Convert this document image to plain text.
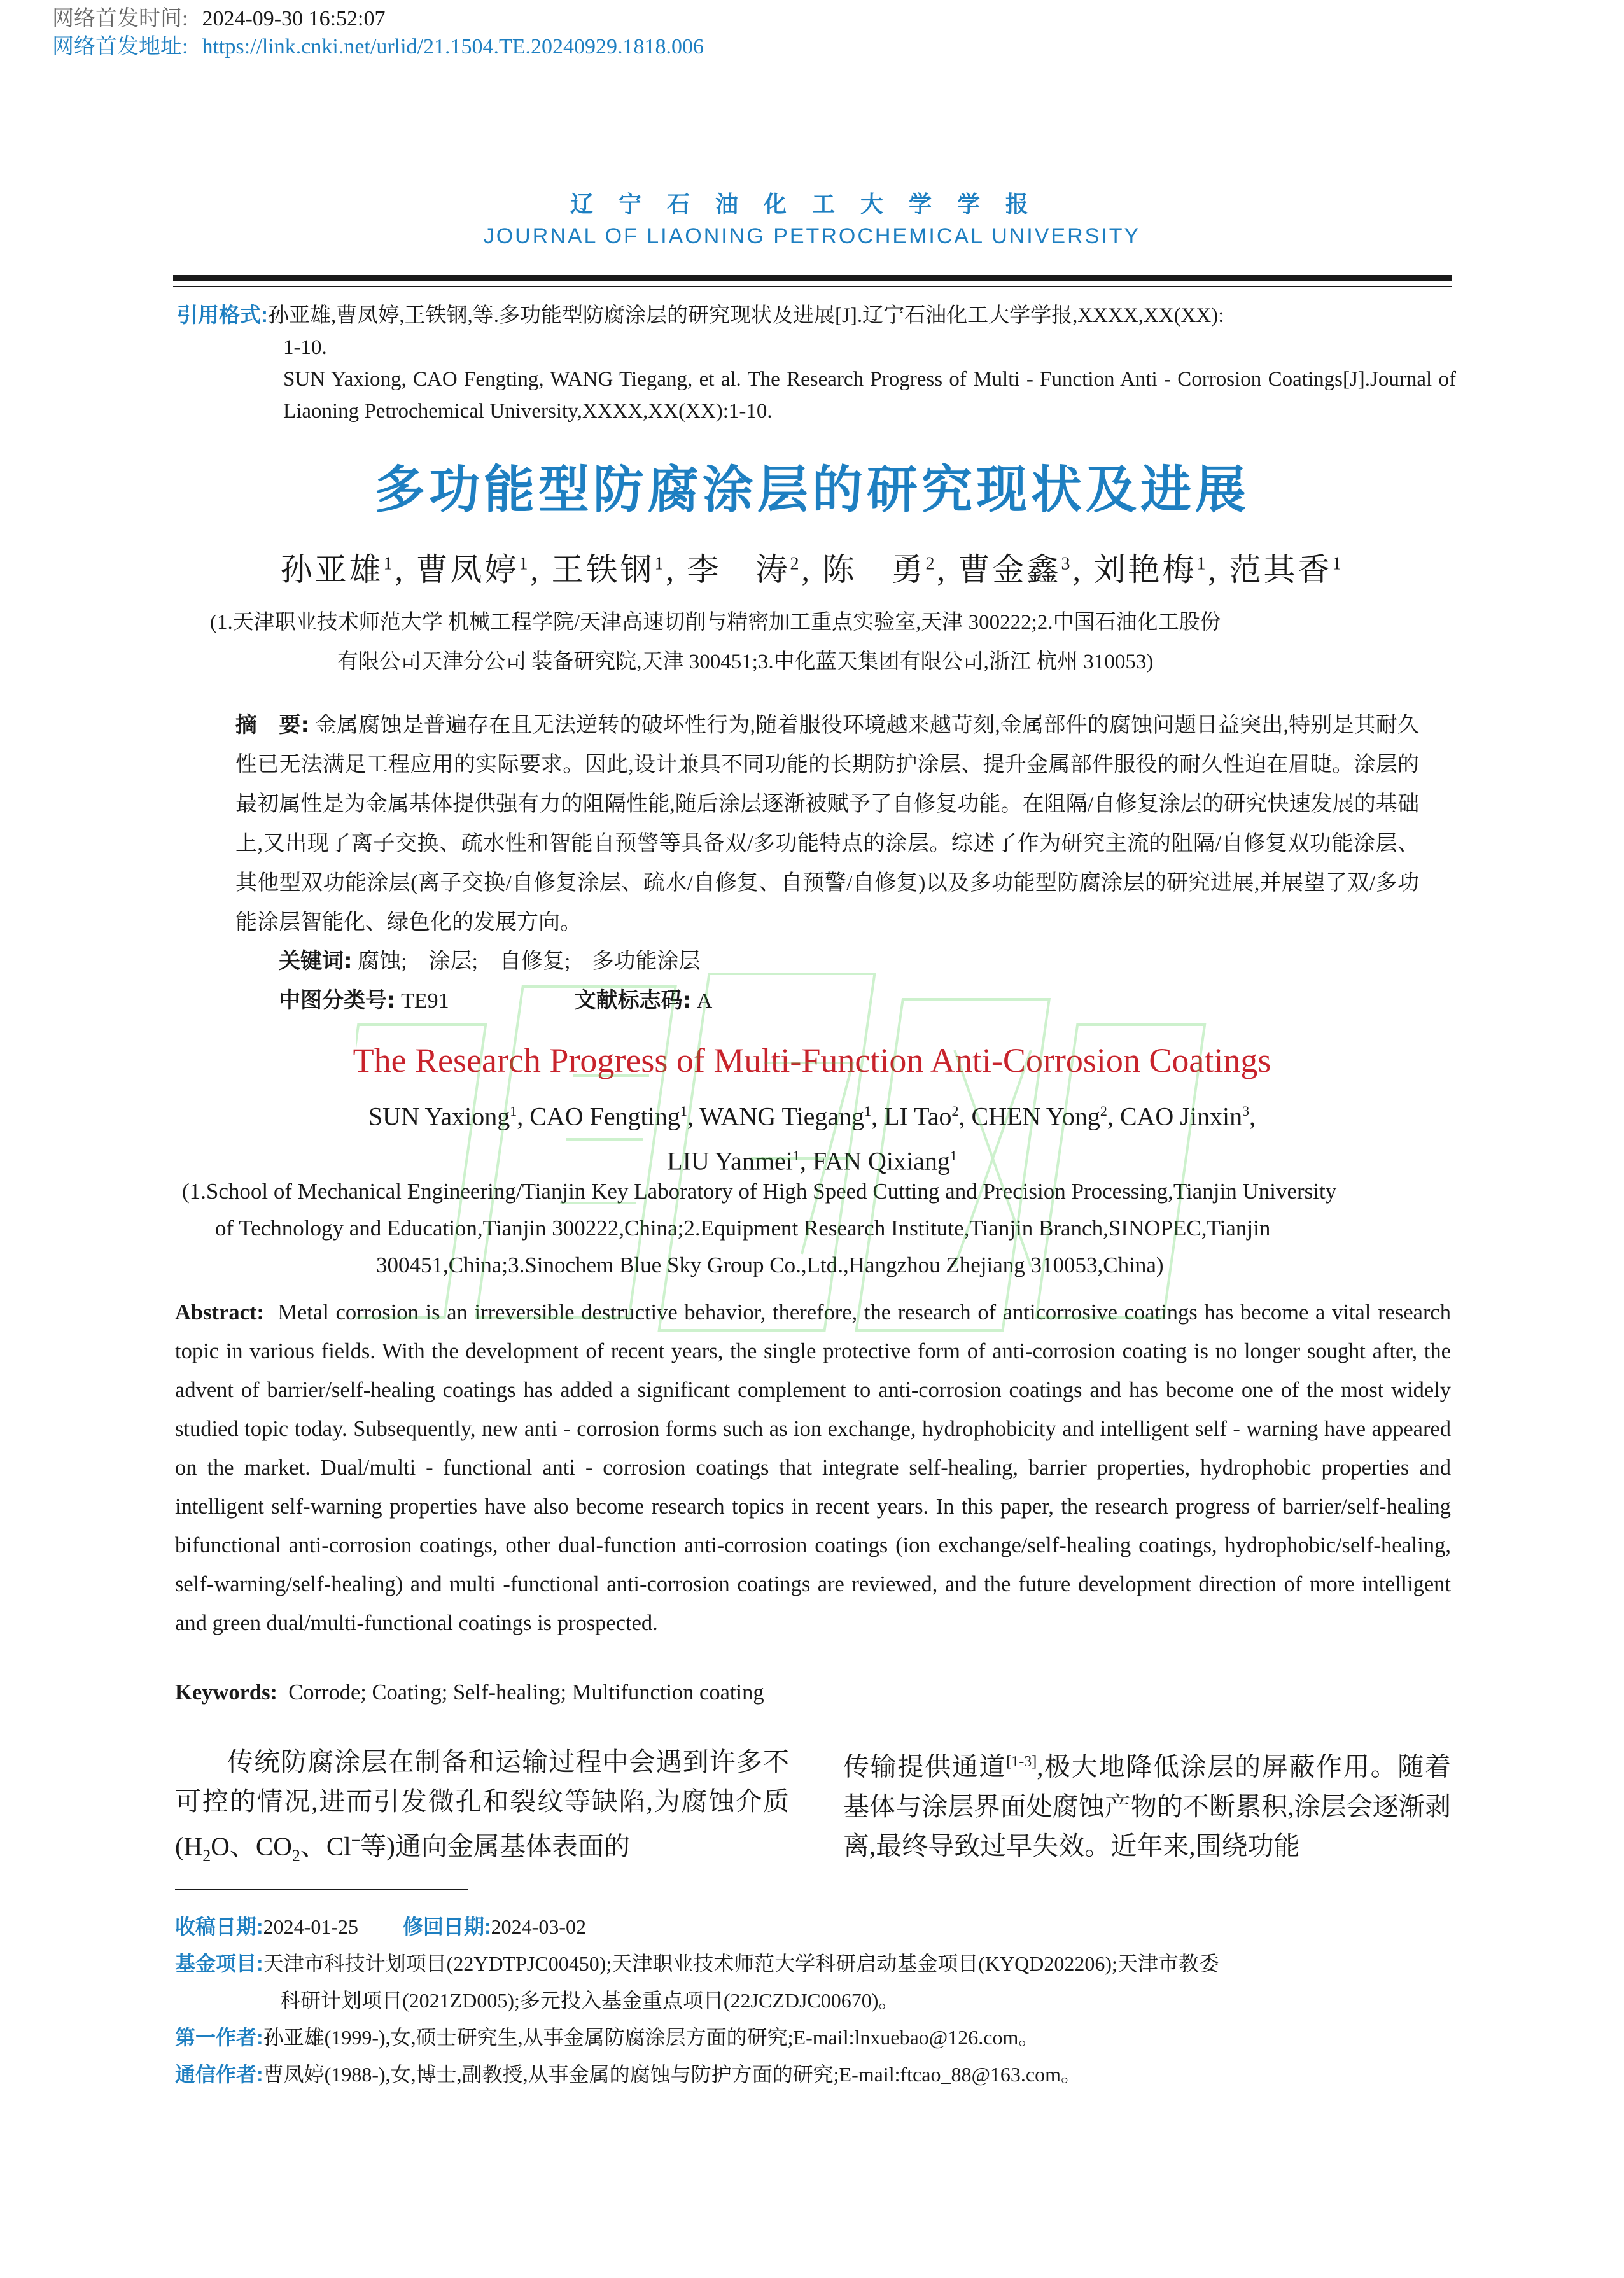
网络首发时间: 2024-09-30 16:52:07
网络首发地址: https://link.cnki.net/urlid/21.1504.TE.20240929.1818.006
辽宁石油化工大学学报
JOURNAL OF LIAONING PETROCHEMICAL UNIVERSITY
引用格式:孙亚雄,曹凤婷,王铁钢,等.多功能型防腐涂层的研究现状及进展[J].辽宁石油化工大学学报,XXXX,XX(XX):
1-10.
SUN Yaxiong, CAO Fengting, WANG Tiegang, et al. The Research Progress of Multi - Function Anti - Corrosion Coatings[J].Journal of Liaoning Petrochemical University,XXXX,XX(XX):1-10.
多功能型防腐涂层的研究现状及进展
孙亚雄$^1$, 曹凤婷$^1$, 王铁钢$^1$, 李　涛$^2$, 陈　勇$^2$, 曹金鑫$^3$, 刘艳梅$^1$, 范其香$^1$
(1.天津职业技术师范大学 机械工程学院/天津高速切削与精密加工重点实验室,天津 300222;2.中国石油化工股份
有限公司天津分公司 装备研究院,天津 300451;3.中化蓝天集团有限公司,浙江 杭州 310053)
摘　要: 金属腐蚀是普遍存在且无法逆转的破坏性行为,随着服役环境越来越苛刻,金属部件的腐蚀问题日益突出,特别是其耐久性已无法满足工程应用的实际要求。因此,设计兼具不同功能的长期防护涂层、提升金属部件服役的耐久性迫在眉睫。涂层的最初属性是为金属基体提供强有力的阻隔性能,随后涂层逐渐被赋予了自修复功能。在阻隔/自修复涂层的研究快速发展的基础上,又出现了离子交换、疏水性和智能自预警等具备双/多功能特点的涂层。综述了作为研究主流的阻隔/自修复双功能涂层、其他型双功能涂层(离子交换/自修复涂层、疏水/自修复、自预警/自修复)以及多功能型防腐涂层的研究进展,并展望了双/多功能涂层智能化、绿色化的发展方向。
关键词: 腐蚀;　涂层;　自修复;　多功能涂层
中图分类号: TE91	文献标志码: A
The Research Progress of Multi-Function Anti-Corrosion Coatings
SUN Yaxiong$^1$, CAO Fengting$^1$, WANG Tiegang$^1$, LI Tao$^2$, CHEN Yong$^2$, CAO Jinxin$^3$,
LIU Yanmei$^1$, FAN Qixiang$^1$
(1.School of Mechanical Engineering/Tianjin Key Laboratory of High Speed Cutting and Precision Processing,Tianjin University
of Technology and Education,Tianjin 300222,China;2.Equipment Research Institute,Tianjin Branch,SINOPEC,Tianjin
300451,China;3.Sinochem Blue Sky Group Co.,Ltd.,Hangzhou Zhejiang 310053,China)
Abstract: Metal corrosion is an irreversible destructive behavior, therefore, the research of anticorrosive coatings has become a vital research topic in various fields. With the development of recent years, the single protective form of anti-corrosion coating is no longer sought after, the advent of barrier/self-healing coatings has added a significant complement to anti-corrosion coatings and has become one of the most widely studied topic today. Subsequently, new anti - corrosion forms such as ion exchange, hydrophobicity and intelligent self - warning have appeared on the market. Dual/multi - functional anti - corrosion coatings that integrate self-healing, barrier properties, hydrophobic properties and intelligent self-warning properties have also become research topics in recent years. In this paper, the research progress of barrier/self-healing bifunctional anti-corrosion coatings, other dual-function anti-corrosion coatings (ion exchange/self-healing coatings, hydrophobic/self-healing, self-warning/self-healing) and multi -functional anti-corrosion coatings are reviewed, and the future development direction of more intelligent and green dual/multi-functional coatings is prospected.
Keywords: Corrode; Coating; Self-healing; Multifunction coating
传统防腐涂层在制备和运输过程中会遇到许多不可控的情况,进而引发微孔和裂纹等缺陷,为腐蚀介质($H_2O$、$CO_2$、Cl−等)通向金属基体表面的
传输提供通道[1-3],极大地降低涂层的屏蔽作用。随着基体与涂层界面处腐蚀产物的不断累积,涂层会逐渐剥离,最终导致过早失效。近年来,围绕功能
收稿日期:2024-01-25 修回日期:2024-03-02
基金项目:天津市科技计划项目(22YDTPJC00450);天津职业技术师范大学科研启动基金项目(KYQD202206);天津市教委
科研计划项目(2021ZD005);多元投入基金重点项目(22JCZDJC00670)。
第一作者:孙亚雄(1999-),女,硕士研究生,从事金属防腐涂层方面的研究;E-mail:lnxuebao@126.com。
通信作者:曹凤婷(1988-),女,博士,副教授,从事金属的腐蚀与防护方面的研究;E-mail:ftcao_88@163.com。
